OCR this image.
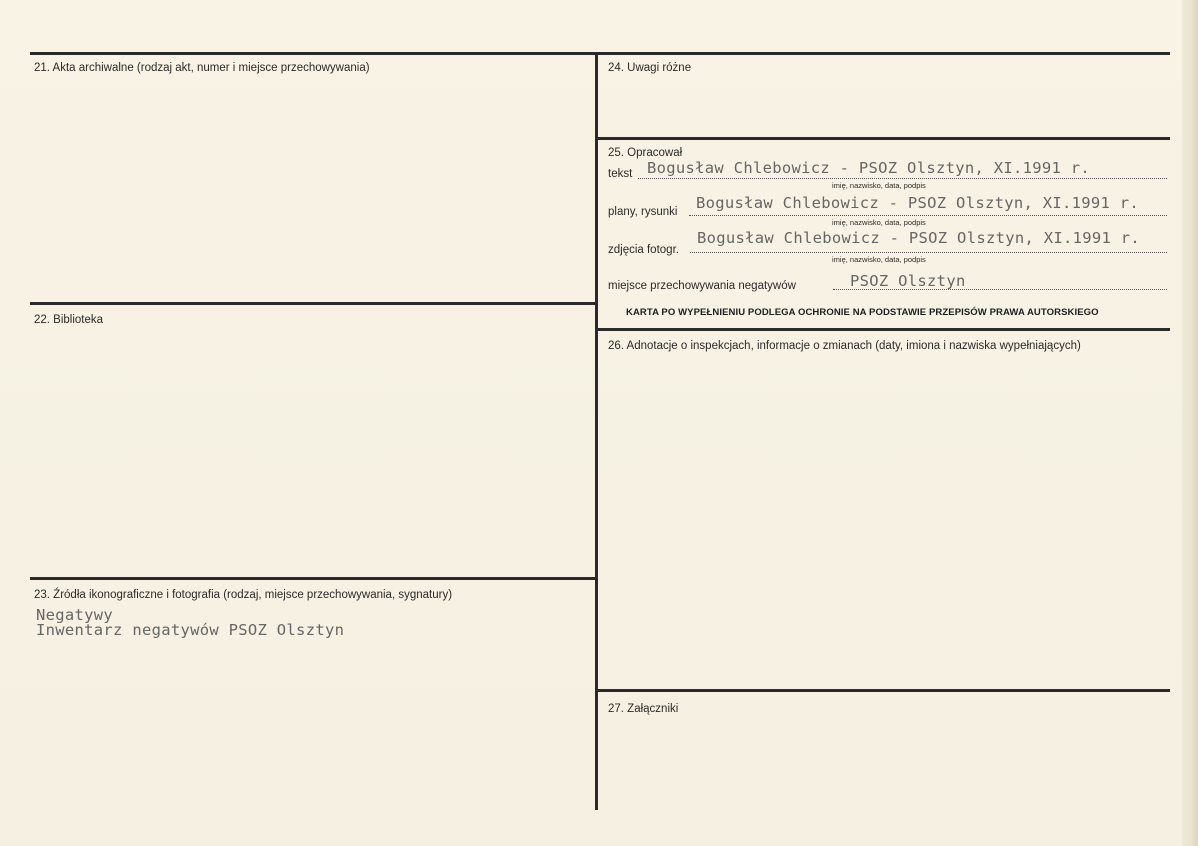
21. Akta archiwalne (rodzaj akt, numer i miejsce przechowywania)
22. Biblioteka
23. Źródła ikonograficzne i fotografia (rodzaj, miejsce przechowywania, sygnatury)
Negatywy
Inwentarz negatywów PSOZ Olsztyn
24. Uwagi różne
25. Opracował
tekst Bogusław Chlebowicz - PSOZ Olsztyn, XI.1991 r.
imię, nazwisko, data, podpis
plany, rysunki Bogusław Chlebowicz - PSOZ Olsztyn, XI.1991 r.
imię, nazwisko, data, podpis
zdjęcia fotogr.
Bogusław Chlebowicz - PSOZ Olsztyn, XI.1991 r.
imię, nazwisko, data, podpis
miejsce przechowywania negatywów	PSOZ Olsztyn
KARTA PO WYPEŁNIENIU PODLEGA OCHRONIE NA PODSTAWIE PRZEPISÓW PRAWA AUTORSKIEGO
26. Adnotacje o inspekcjach, informacje o zmianach (daty, imiona i nazwiska wypełniających)
27. Załączniki
